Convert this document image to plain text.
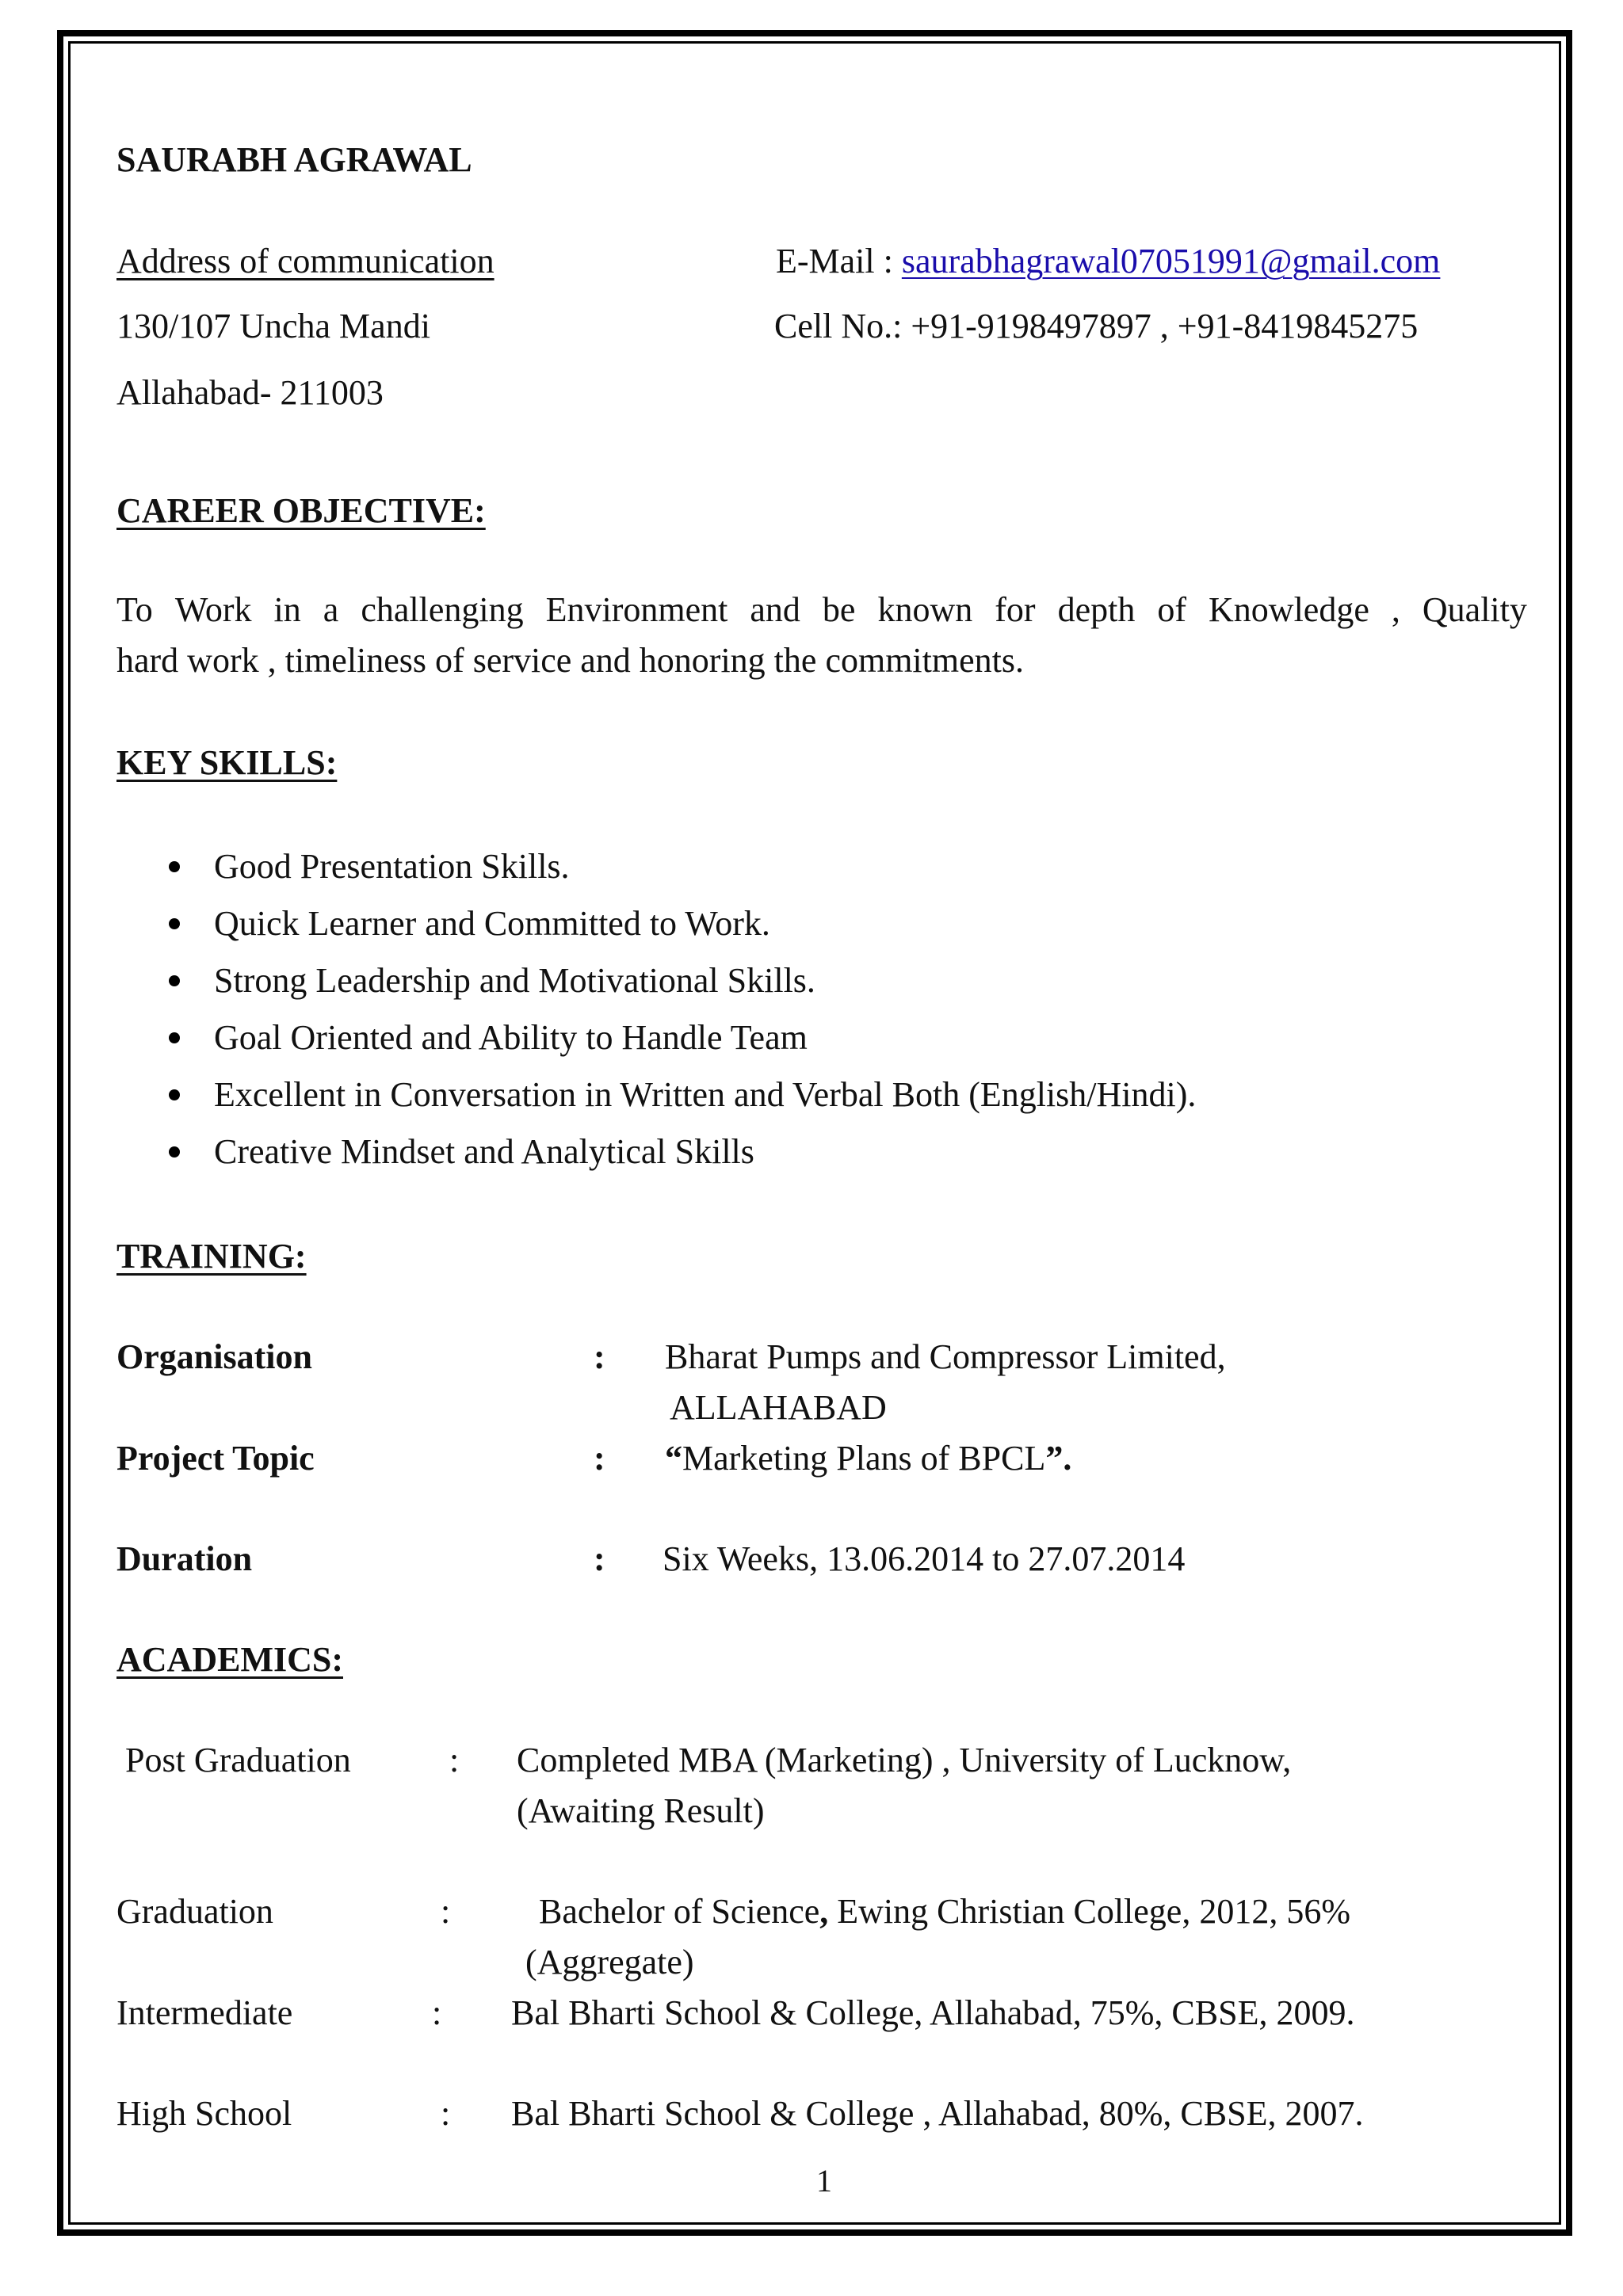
SAURABH AGRAWAL
Address of communication	E-Mail : saurabhagrawal07051991@gmail.com
130/107 Uncha Mandi	Cell No.: +91-9198497897 , +91-8419845275
Allahabad- 211003
CAREER OBJECTIVE:
To Work in a challenging Environment and be known for depth of Knowledge , Quality
hard work , timeliness of service and honoring the commitments.
KEY SKILLS:
Good Presentation Skills.
Quick Learner and Committed to Work.
Strong Leadership and Motivational Skills.
Goal Oriented and Ability to Handle Team
Excellent in Conversation in Written and Verbal Both (English/Hindi).
Creative Mindset and Analytical Skills
TRAINING:
Organisation	: Bharat Pumps and Compressor Limited,
ALLAHABAD
Project Topic	: “Marketing Plans of BPCL”.
Duration	: Six Weeks, 13.06.2014 to 27.07.2014
ACADEMICS:
Post Graduation	: Completed MBA (Marketing) , University of Lucknow,
(Awaiting Result)
Graduation	:	Bachelor of Science, Ewing Christian College, 2012, 56%
(Aggregate)
Intermediate	: Bal Bharti School & College, Allahabad, 75%, CBSE, 2009.
High School	: Bal Bharti School & College , Allahabad, 80%, CBSE, 2007.
1
